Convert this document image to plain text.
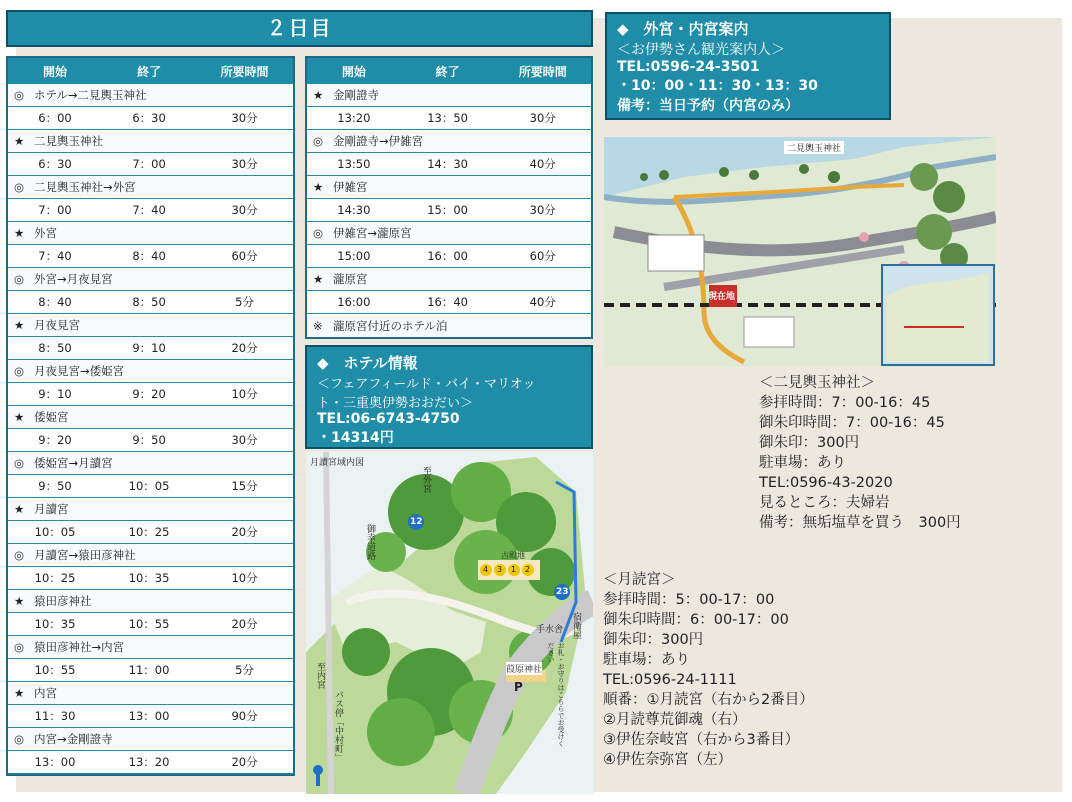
２日目
開始	終了	所要時間
◎ ホテル→二見輿玉神社
6：00	6：30	30分
★ 二見輿玉神社
6：30	7：00	30分
◎ 二見輿玉神社→外宮
7：00	7：40	30分
★ 外宮
7：40	8：40	60分
◎ 外宮→月夜見宮
8：40	8：50	5分
★ 月夜見宮
8：50	9：10	20分
◎ 月夜見宮→倭姫宮
9：10	9：20	10分
★ 倭姫宮
9：20	9：50	30分
◎ 倭姫宮→月讀宮
9：50	10：05	15分
★ 月讀宮
10：05	10：25	20分
◎ 月讀宮→猿田彦神社
10：25	10：35	10分
★ 猿田彦神社
10：35	10：55	20分
◎ 猿田彦神社→内宮
10：55	11：00	5分
★ 内宮
11：30	13：00	90分
◎ 内宮→金剛證寺
13：00	13：20	20分
開始	終了	所要時間
★ 金剛證寺
13:20	13：50	30分
◎ 金剛證寺→伊雑宮
13:50	14：30	40分
★ 伊雑宮
14:30	15：00	30分
◎ 伊雑宮→瀧原宮
15:00	16：00	60分
★ 瀧原宮
16:00	16：40	40分
※ 瀧原宮付近のホテル泊
◆　ホテル情報
＜フェアフィールド・バイ・マリオッ
ト・三重奥伊勢おおだい＞
TEL:06-6743-4750
・14314円
◆　外宮・内宮案内
＜お伊勢さん観光案内人＞
TEL:0596-24-3501
・10：00・11：30・13：30
備考：当日予約（内宮のみ）
二見輿玉神社
現在地
＜二見輿玉神社＞
参拝時間：7：00-16：45
御朱印時間：7：00-16：45
御朱印：300円
駐車場：あり
TEL:0596-43-2020
見るところ：夫婦岩
備考：無垢塩草を買う　300円
月讀宮域内図
至外宮
御幸道路
至内宮
バス停「中村町」
12
23
古殿地
4 3 1 2
手水舎 宿衛屋
葭原神社	お札・お守りはこちらでお受けください
P
＜月読宮＞
参拝時間：5：00-17：00
御朱印時間：6：00-17：00
御朱印：300円
駐車場：あり
TEL:0596-24-1111
順番：①月読宮（右から2番目）
②月読尊荒御魂（右）
③伊佐奈岐宮（右から3番目）
④伊佐奈弥宮（左）
